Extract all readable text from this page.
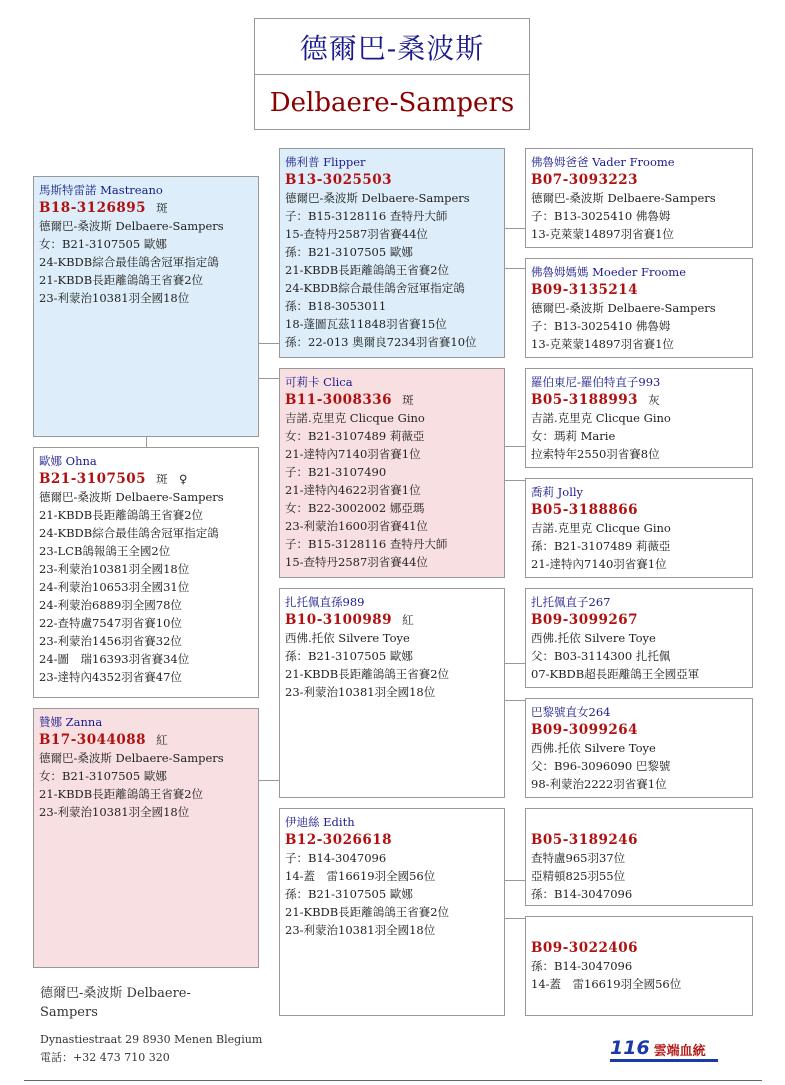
德爾巴-桑波斯
Delbaere-Sampers
馬斯特雷諾 Mastreano
B18-3126895 斑
德爾巴-桑波斯 Delbaere-Sampers
女：B21-3107505 歐娜
24-KBDB綜合最佳鴿舍冠軍指定鴿
21-KBDB長距離鴿鴿王省賽2位
23-利蒙治10381羽全國18位
歐娜 Ohna
B21-3107505 斑　♀
德爾巴-桑波斯 Delbaere-Sampers
21-KBDB長距離鴿鴿王省賽2位
24-KBDB綜合最佳鴿舍冠軍指定鴿
23-LCB鴿報鴿王全國2位
23-利蒙治10381羽全國18位
24-利蒙治10653羽全國31位
24-利蒙治6889羽全國78位
22-查特盧7547羽省賽10位
23-利蒙治1456羽省賽32位
24-圖　瑞16393羽省賽34位
23-達特內4352羽省賽47位
贊娜 Zanna
B17-3044088 紅
德爾巴-桑波斯 Delbaere-Sampers
女：B21-3107505 歐娜
21-KBDB長距離鴿鴿王省賽2位
23-利蒙治10381羽全國18位
佛利普 Flipper
B13-3025503
德爾巴-桑波斯 Delbaere-Sampers
子：B15-3128116 查特丹大師
15-查特丹2587羽省賽44位
孫：B21-3107505 歐娜
21-KBDB長距離鴿鴿王省賽2位
24-KBDB綜合最佳鴿舍冠軍指定鴿
孫：B18-3053011
18-蓬圖瓦茲11848羽省賽15位
孫：22-013 奧爾良7234羽省賽10位
可莉卡 Clica
B11-3008336 斑
吉諾.克里克 Clicque Gino
女：B21-3107489 莉薇亞
21-達特內7140羽省賽1位
子：B21-3107490
21-達特內4622羽省賽1位
女：B22-3002002 娜亞瑪
23-利蒙治1600羽省賽41位
子：B15-3128116 查特丹大師
15-查特丹2587羽省賽44位
扎托佩直孫989
B10-3100989 紅
西佛.托依 Silvere Toye
孫：B21-3107505 歐娜
21-KBDB長距離鴿鴿王省賽2位
23-利蒙治10381羽全國18位
伊迪絲 Edith
B12-3026618
子：B14-3047096
14-蓋　雷16619羽全國56位
孫：B21-3107505 歐娜
21-KBDB長距離鴿鴿王省賽2位
23-利蒙治10381羽全國18位
佛魯姆爸爸 Vader Froome
B07-3093223
德爾巴-桑波斯 Delbaere-Sampers
子：B13-3025410 佛魯姆
13-克萊蒙14897羽省賽1位
佛魯姆媽媽 Moeder Froome
B09-3135214
德爾巴-桑波斯 Delbaere-Sampers
子：B13-3025410 佛魯姆
13-克萊蒙14897羽省賽1位
羅伯東尼-羅伯特直子993
B05-3188993 灰
吉諾.克里克 Clicque Gino
女：瑪莉 Marie
拉索特年2550羽省賽8位
喬莉 Jolly
B05-3188866
吉諾.克里克 Clicque Gino
孫：B21-3107489 莉薇亞
21-達特內7140羽省賽1位
扎托佩直子267
B09-3099267
西佛.托依 Silvere Toye
父：B03-3114300 扎托佩
07-KBDB超長距離鴿王全國亞軍
巴黎號直女264
B09-3099264
西佛.托依 Silvere Toye
父：B96-3096090 巴黎號
98-利蒙治2222羽省賽1位
B05-3189246
查特盧965羽37位
亞精頓825羽55位
孫：B14-3047096
B09-3022406
孫：B14-3047096
14-蓋　雷16619羽全國56位
德爾巴-桑波斯 Delbaere-
Sampers
Dynastiestraat 29 8930 Menen Blegium
電話：+32 473 710 320	116 雲端血統
